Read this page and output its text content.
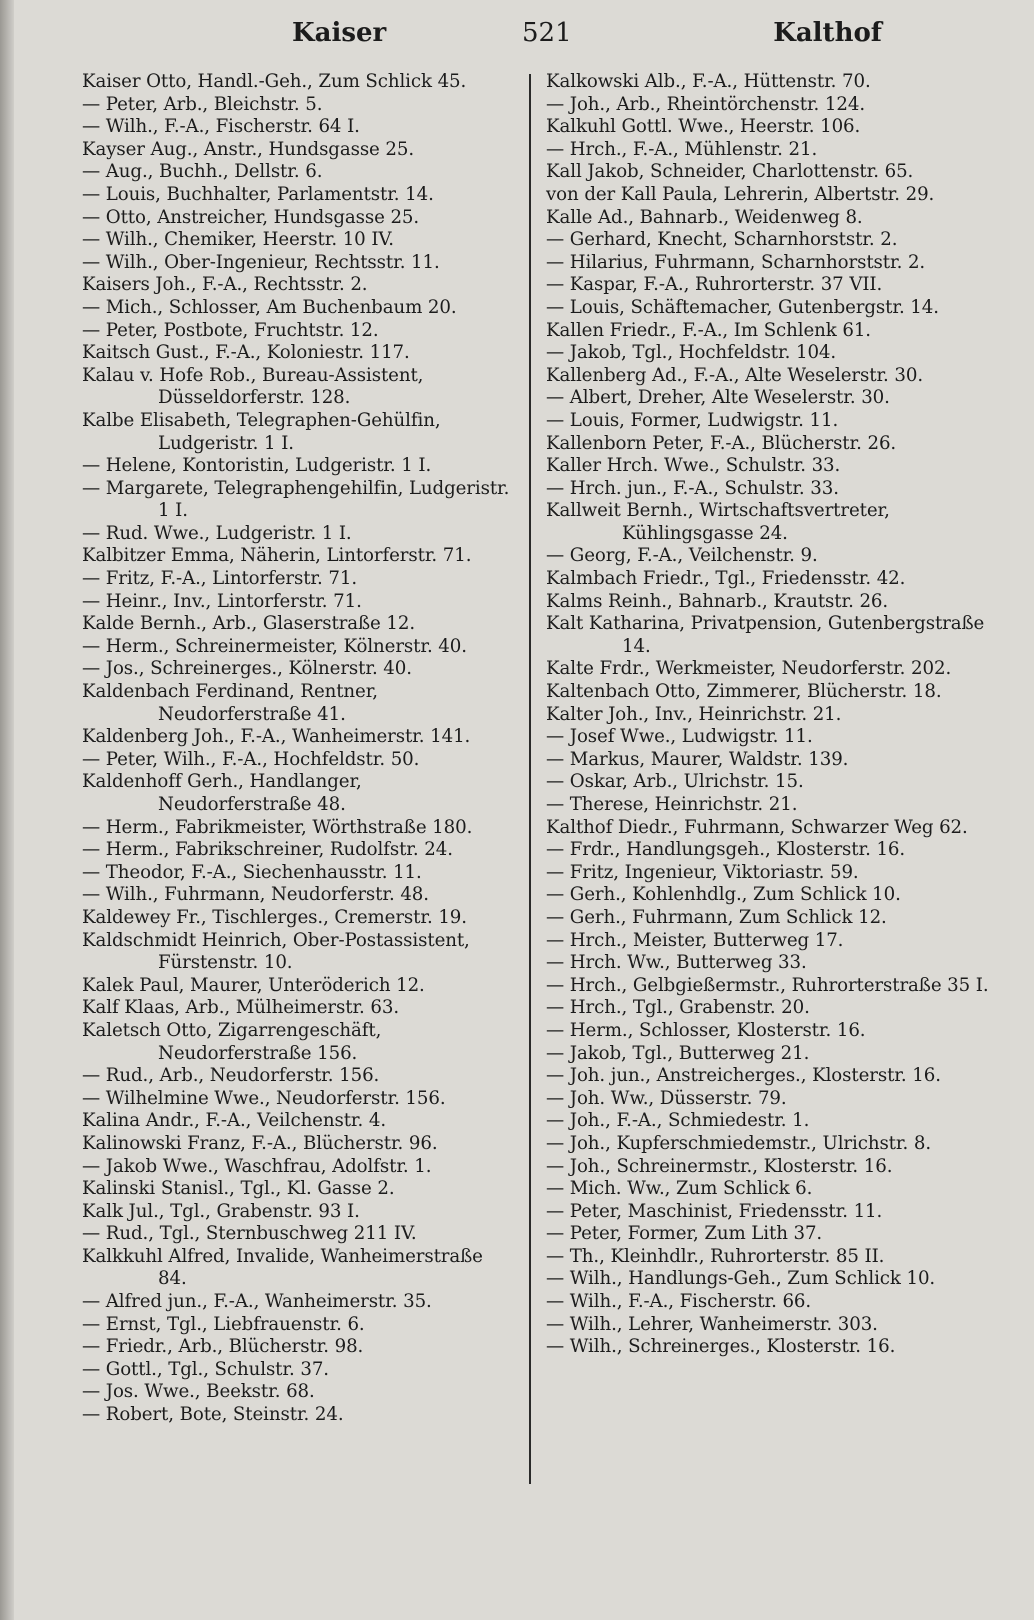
Kaiser	521	Kalthof

Kaiser Otto, Handl.-Geh., Zum Schlick 45.

— Peter, Arb., Bleichstr. 5.

— Wilh., F.-A., Fischerstr. 64 I.

Kayser Aug., Anstr., Hundsgasse 25.

— Aug., Buchh., Dellstr. 6.

— Louis, Buchhalter, Parlamentstr. 14.

— Otto, Anstreicher, Hundsgasse 25.

— Wilh., Chemiker, Heerstr. 10 IV.

— Wilh., Ober-Ingenieur, Rechtsstr. 11.

Kaisers Joh., F.-A., Rechtsstr. 2.

— Mich., Schlosser, Am Buchenbaum 20.

— Peter, Postbote, Fruchtstr. 12.

Kaitsch Gust., F.-A., Koloniestr. 117.

Kalau v. Hofe Rob., Bureau-Assistent, Düsseldorferstr. 128.

Kalbe Elisabeth, Telegraphen-Gehülfin, Ludgeristr. 1 I.

— Helene, Kontoristin, Ludgeristr. 1 I.

— Margarete, Telegraphengehilfin, Ludgeristr. 1 I.

— Rud. Wwe., Ludgeristr. 1 I.

Kalbitzer Emma, Näherin, Lintorferstr. 71.

— Fritz, F.-A., Lintorferstr. 71.

— Heinr., Inv., Lintorferstr. 71.

Kalde Bernh., Arb., Glaserstraße 12.

— Herm., Schreinermeister, Kölnerstr. 40.

— Jos., Schreinerges., Kölnerstr. 40.

Kaldenbach Ferdinand, Rentner, Neudorferstraße 41.

Kaldenberg Joh., F.-A., Wanheimerstr. 141.

— Peter, Wilh., F.-A., Hochfeldstr. 50.

Kaldenhoff Gerh., Handlanger, Neudorferstraße 48.

— Herm., Fabrikmeister, Wörthstraße 180.

— Herm., Fabrikschreiner, Rudolfstr. 24.

— Theodor, F.-A., Siechenhausstr. 11.

— Wilh., Fuhrmann, Neudorferstr. 48.

Kaldewey Fr., Tischlerges., Cremerstr. 19.

Kaldschmidt Heinrich, Ober-Postassistent, Fürstenstr. 10.

Kalek Paul, Maurer, Unteröderich 12.

Kalf Klaas, Arb., Mülheimerstr. 63.

Kaletsch Otto, Zigarrengeschäft, Neudorferstraße 156.

— Rud., Arb., Neudorferstr. 156.

— Wilhelmine Wwe., Neudorferstr. 156.

Kalina Andr., F.-A., Veilchenstr. 4.

Kalinowski Franz, F.-A., Blücherstr. 96.

— Jakob Wwe., Waschfrau, Adolfstr. 1.

Kalinski Stanisl., Tgl., Kl. Gasse 2.

Kalk Jul., Tgl., Grabenstr. 93 I.

— Rud., Tgl., Sternbuschweg 211 IV.

Kalkkuhl Alfred, Invalide, Wanheimerstraße 84.

— Alfred jun., F.-A., Wanheimerstr. 35.

— Ernst, Tgl., Liebfrauenstr. 6.

— Friedr., Arb., Blücherstr. 98.

— Gottl., Tgl., Schulstr. 37.

— Jos. Wwe., Beekstr. 68.

— Robert, Bote, Steinstr. 24.

Kalkowski Alb., F.-A., Hüttenstr. 70.

— Joh., Arb., Rheintörchenstr. 124.

Kalkuhl Gottl. Wwe., Heerstr. 106.

— Hrch., F.-A., Mühlenstr. 21.

Kall Jakob, Schneider, Charlottenstr. 65.

von der Kall Paula, Lehrerin, Albertstr. 29.

Kalle Ad., Bahnarb., Weidenweg 8.

— Gerhard, Knecht, Scharnhorststr. 2.

— Hilarius, Fuhrmann, Scharnhorststr. 2.

— Kaspar, F.-A., Ruhrorterstr. 37 VII.

— Louis, Schäftemacher, Gutenbergstr. 14.

Kallen Friedr., F.-A., Im Schlenk 61.

— Jakob, Tgl., Hochfeldstr. 104.

Kallenberg Ad., F.-A., Alte Weselerstr. 30.

— Albert, Dreher, Alte Weselerstr. 30.

— Louis, Former, Ludwigstr. 11.

Kallenborn Peter, F.-A., Blücherstr. 26.

Kaller Hrch. Wwe., Schulstr. 33.

— Hrch. jun., F.-A., Schulstr. 33.

Kallweit Bernh., Wirtschaftsvertreter, Kühlingsgasse 24.

— Georg, F.-A., Veilchenstr. 9.

Kalmbach Friedr., Tgl., Friedensstr. 42.

Kalms Reinh., Bahnarb., Krautstr. 26.

Kalt Katharina, Privatpension, Gutenbergstraße 14.

Kalte Frdr., Werkmeister, Neudorferstr. 202.

Kaltenbach Otto, Zimmerer, Blücherstr. 18.

Kalter Joh., Inv., Heinrichstr. 21.

— Josef Wwe., Ludwigstr. 11.

— Markus, Maurer, Waldstr. 139.

— Oskar, Arb., Ulrichstr. 15.

— Therese, Heinrichstr. 21.

Kalthof Diedr., Fuhrmann, Schwarzer Weg 62.

— Frdr., Handlungsgeh., Klosterstr. 16.

— Fritz, Ingenieur, Viktoriastr. 59.

— Gerh., Kohlenhdlg., Zum Schlick 10.

— Gerh., Fuhrmann, Zum Schlick 12.

— Hrch., Meister, Butterweg 17.

— Hrch. Ww., Butterweg 33.

— Hrch., Gelbgießermstr., Ruhrorterstraße 35 I.

— Hrch., Tgl., Grabenstr. 20.

— Herm., Schlosser, Klosterstr. 16.

— Jakob, Tgl., Butterweg 21.

— Joh. jun., Anstreicherges., Klosterstr. 16.

— Joh. Ww., Düsserstr. 79.

— Joh., F.-A., Schmiedestr. 1.

— Joh., Kupferschmiedemstr., Ulrichstr. 8.

— Joh., Schreinermstr., Klosterstr. 16.

— Mich. Ww., Zum Schlick 6.

— Peter, Maschinist, Friedensstr. 11.

— Peter, Former, Zum Lith 37.

— Th., Kleinhdlr., Ruhrorterstr. 85 II.

— Wilh., Handlungs-Geh., Zum Schlick 10.

— Wilh., F.-A., Fischerstr. 66.

— Wilh., Lehrer, Wanheimerstr. 303.

— Wilh., Schreinerges., Klosterstr. 16.
